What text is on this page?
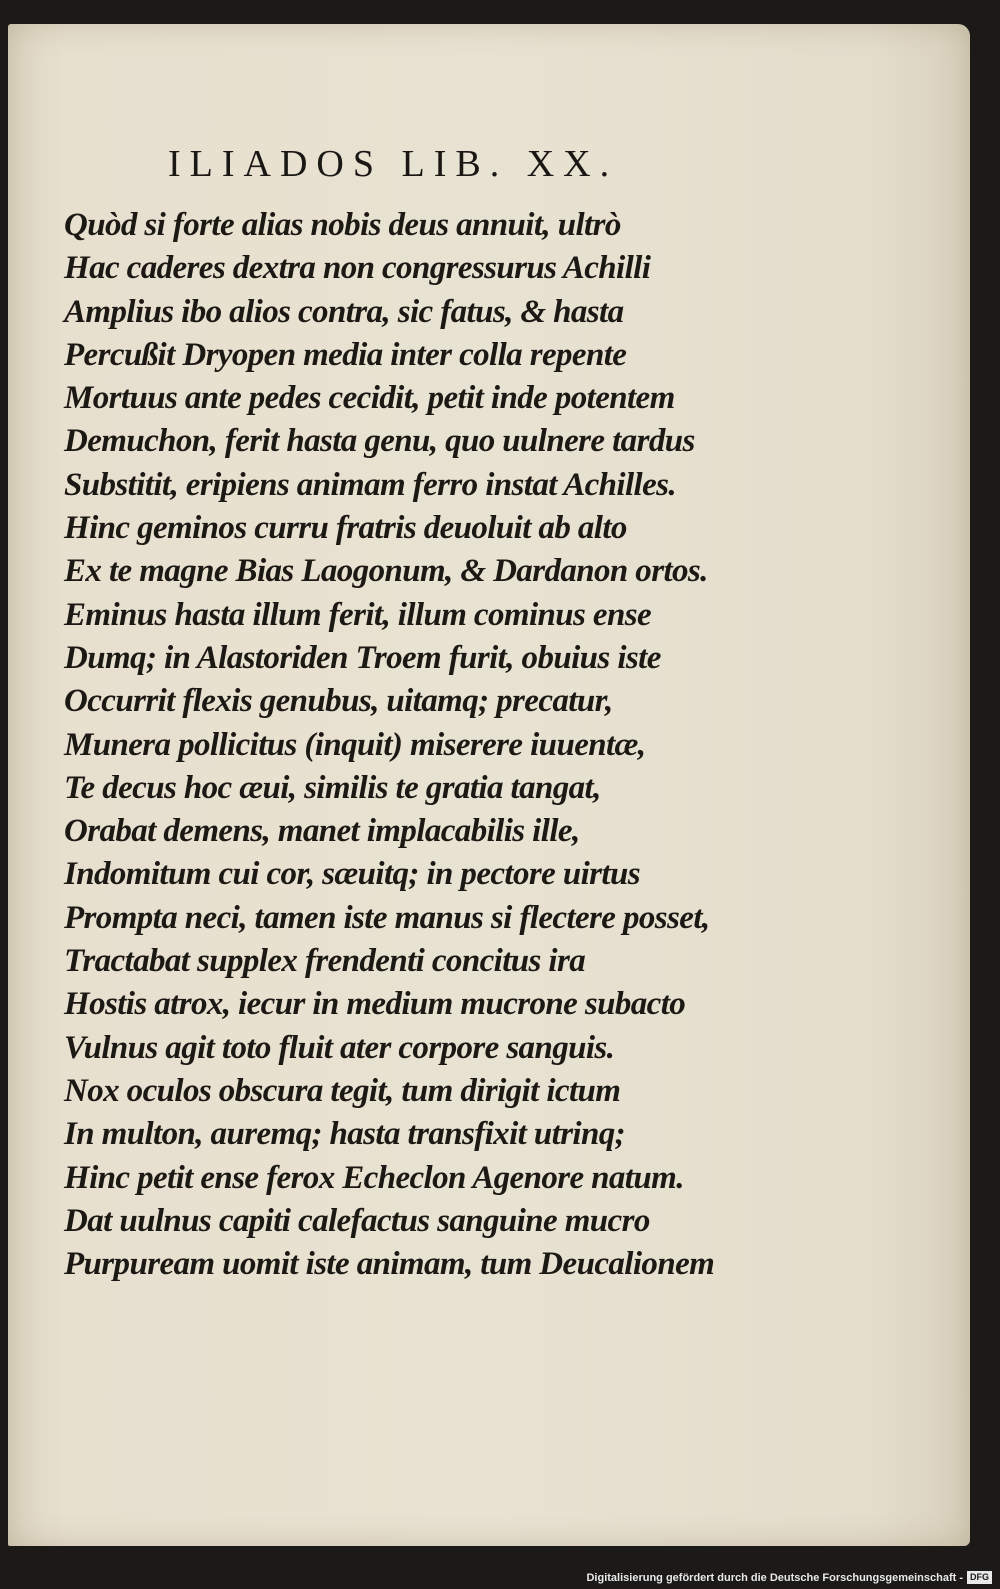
ILIADOS LIB. XX.
Quòd si forte alias nobis deus annuit, ultrò
Hac caderes dextra non congressurus Achilli
Amplius ibo alios contra, sic fatus, & hasta
Percußit Dryopen media inter colla repente
Mortuus ante pedes cecidit, petit inde potentem
Demuchon, ferit hasta genu, quo uulnere tardus
Substitit, eripiens animam ferro instat Achilles.
Hinc geminos curru fratris deuoluit ab alto
Ex te magne Bias Laogonum, & Dardanon ortos.
Eminus hasta illum ferit, illum cominus ense
Dumq; in Alastoriden Troem furit, obuius iste
Occurrit flexis genubus, uitamq; precatur,
Munera pollicitus (inquit) miserere iuuentæ,
Te decus hoc æui, similis te gratia tangat,
Orabat demens, manet implacabilis ille,
Indomitum cui cor, sæuitq; in pectore uirtus
Prompta neci, tamen iste manus si flectere posset,
Tractabat supplex frendenti concitus ira
Hostis atrox, iecur in medium mucrone subacto
Vulnus agit toto fluit ater corpore sanguis.
Nox oculos obscura tegit, tum dirigit ictum
In multon, auremq; hasta transfixit utrinq;
Hinc petit ense ferox Echeclon Agenore natum.
Dat uulnus capiti calefactus sanguine mucro
Purpuream uomit iste animam, tum Deucalionem
Digitalisierung gefördert durch die Deutsche Forschungsgemeinschaft - DFG
